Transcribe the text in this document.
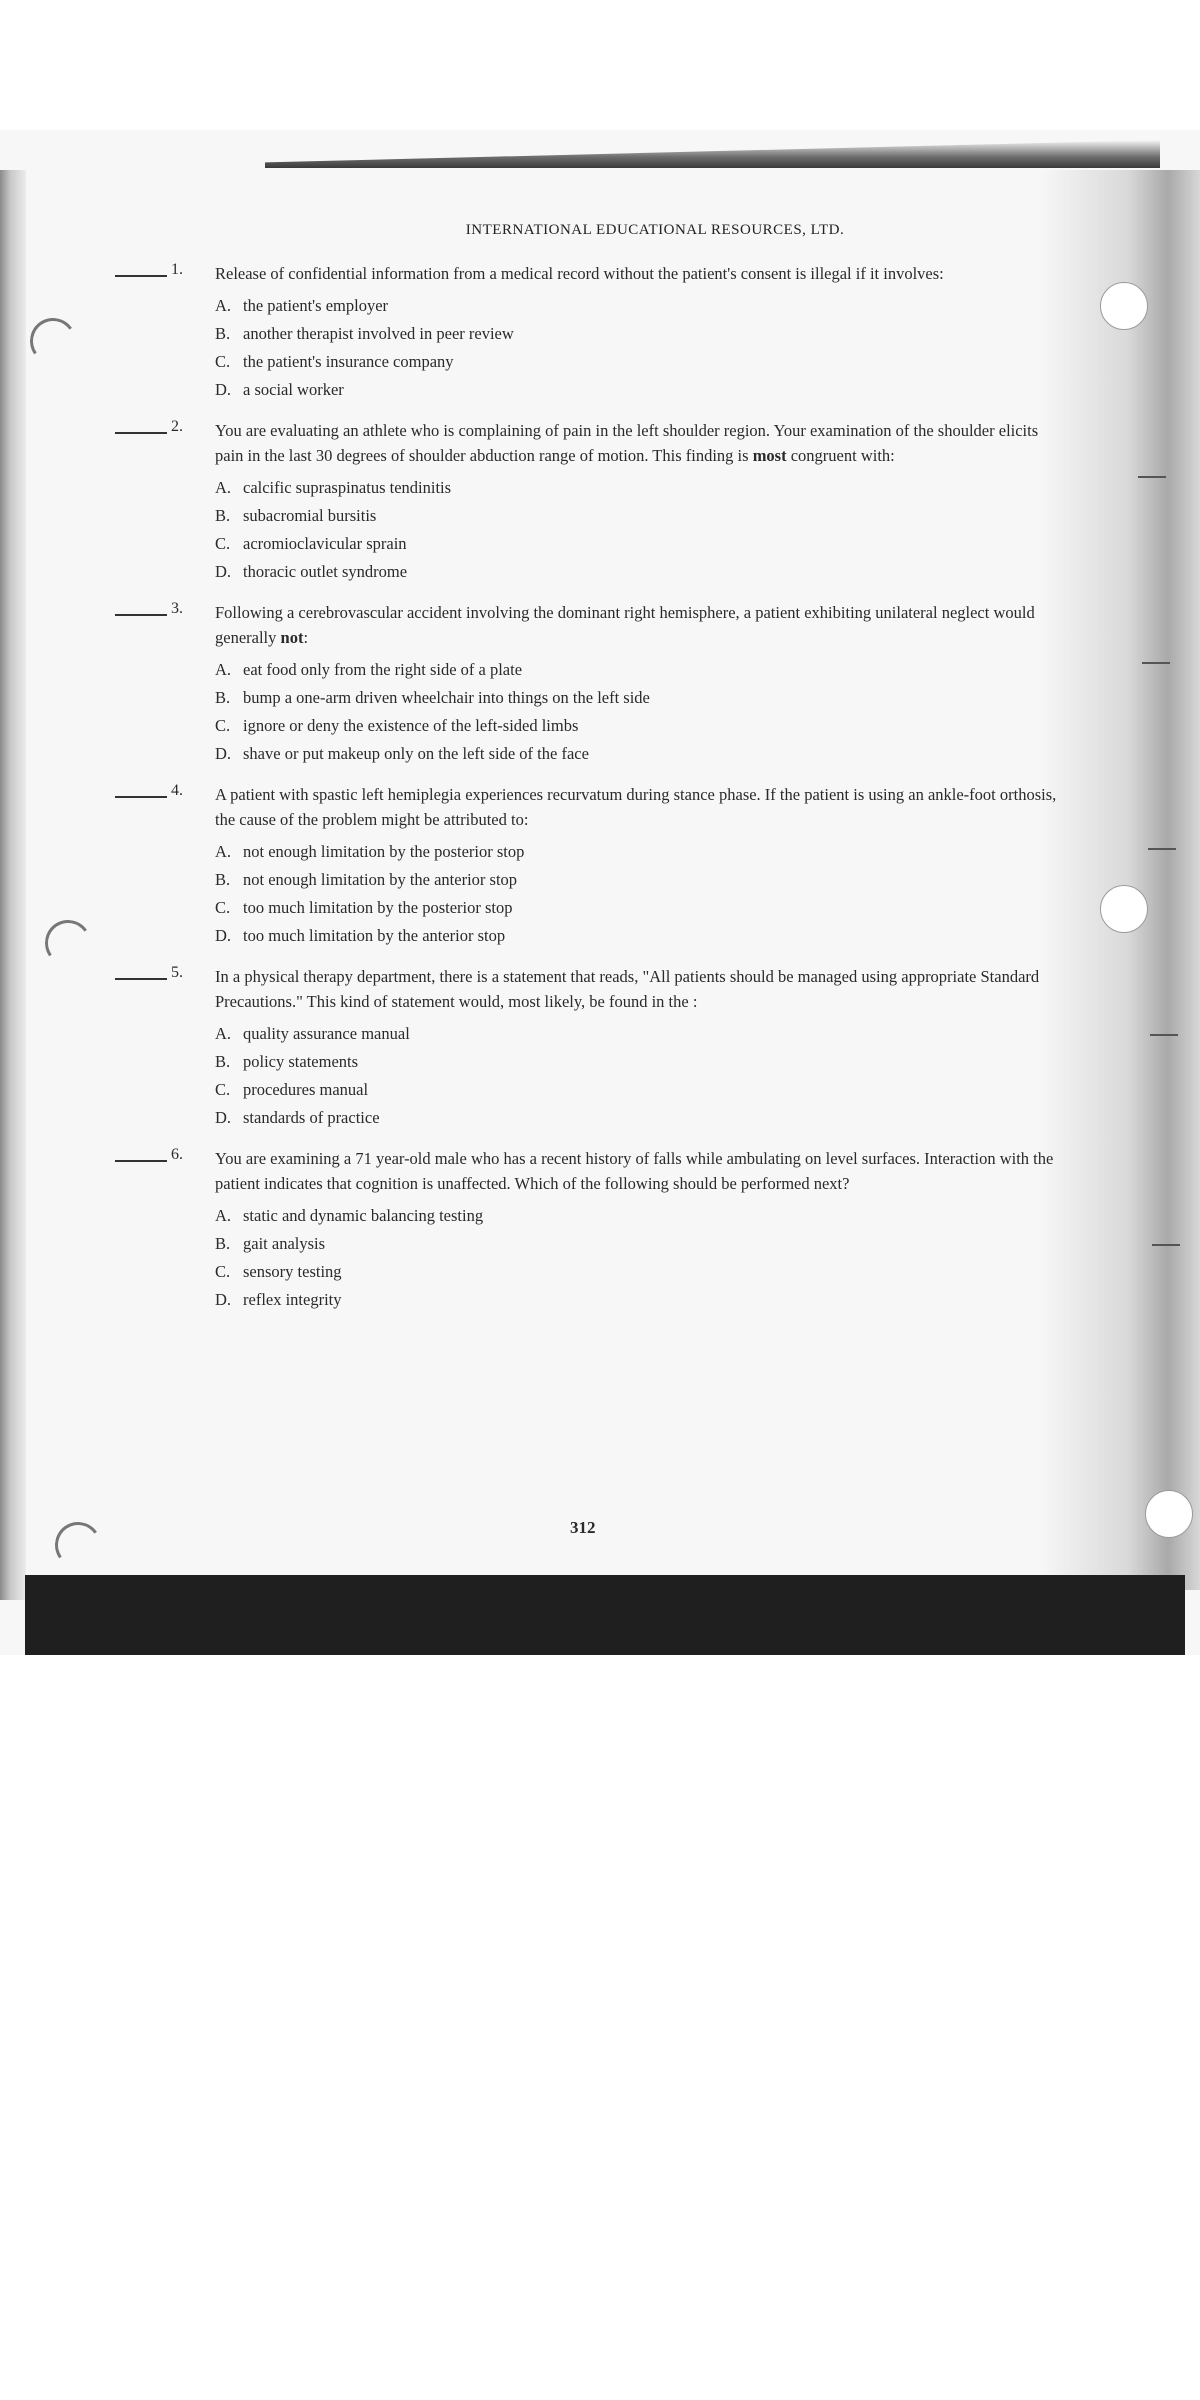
INTERNATIONAL EDUCATIONAL RESOURCES, LTD.
1. Release of confidential information from a medical record without the patient's consent is illegal if it involves:
A. the patient's employer
B. another therapist involved in peer review
C. the patient's insurance company
D. a social worker
2. You are evaluating an athlete who is complaining of pain in the left shoulder region. Your examination of the shoulder elicits pain in the last 30 degrees of shoulder abduction range of motion. This finding is most congruent with:
A. calcific supraspinatus tendinitis
B. subacromial bursitis
C. acromioclavicular sprain
D. thoracic outlet syndrome
3. Following a cerebrovascular accident involving the dominant right hemisphere, a patient exhibiting unilateral neglect would generally not:
A. eat food only from the right side of a plate
B. bump a one-arm driven wheelchair into things on the left side
C. ignore or deny the existence of the left-sided limbs
D. shave or put makeup only on the left side of the face
4. A patient with spastic left hemiplegia experiences recurvatum during stance phase. If the patient is using an ankle-foot orthosis, the cause of the problem might be attributed to:
A. not enough limitation by the posterior stop
B. not enough limitation by the anterior stop
C. too much limitation by the posterior stop
D. too much limitation by the anterior stop
5. In a physical therapy department, there is a statement that reads, "All patients should be managed using appropriate Standard Precautions." This kind of statement would, most likely, be found in the :
A. quality assurance manual
B. policy statements
C. procedures manual
D. standards of practice
6. You are examining a 71 year-old male who has a recent history of falls while ambulating on level surfaces. Interaction with the patient indicates that cognition is unaffected. Which of the following should be performed next?
A. static and dynamic balancing testing
B. gait analysis
C. sensory testing
D. reflex integrity
312
